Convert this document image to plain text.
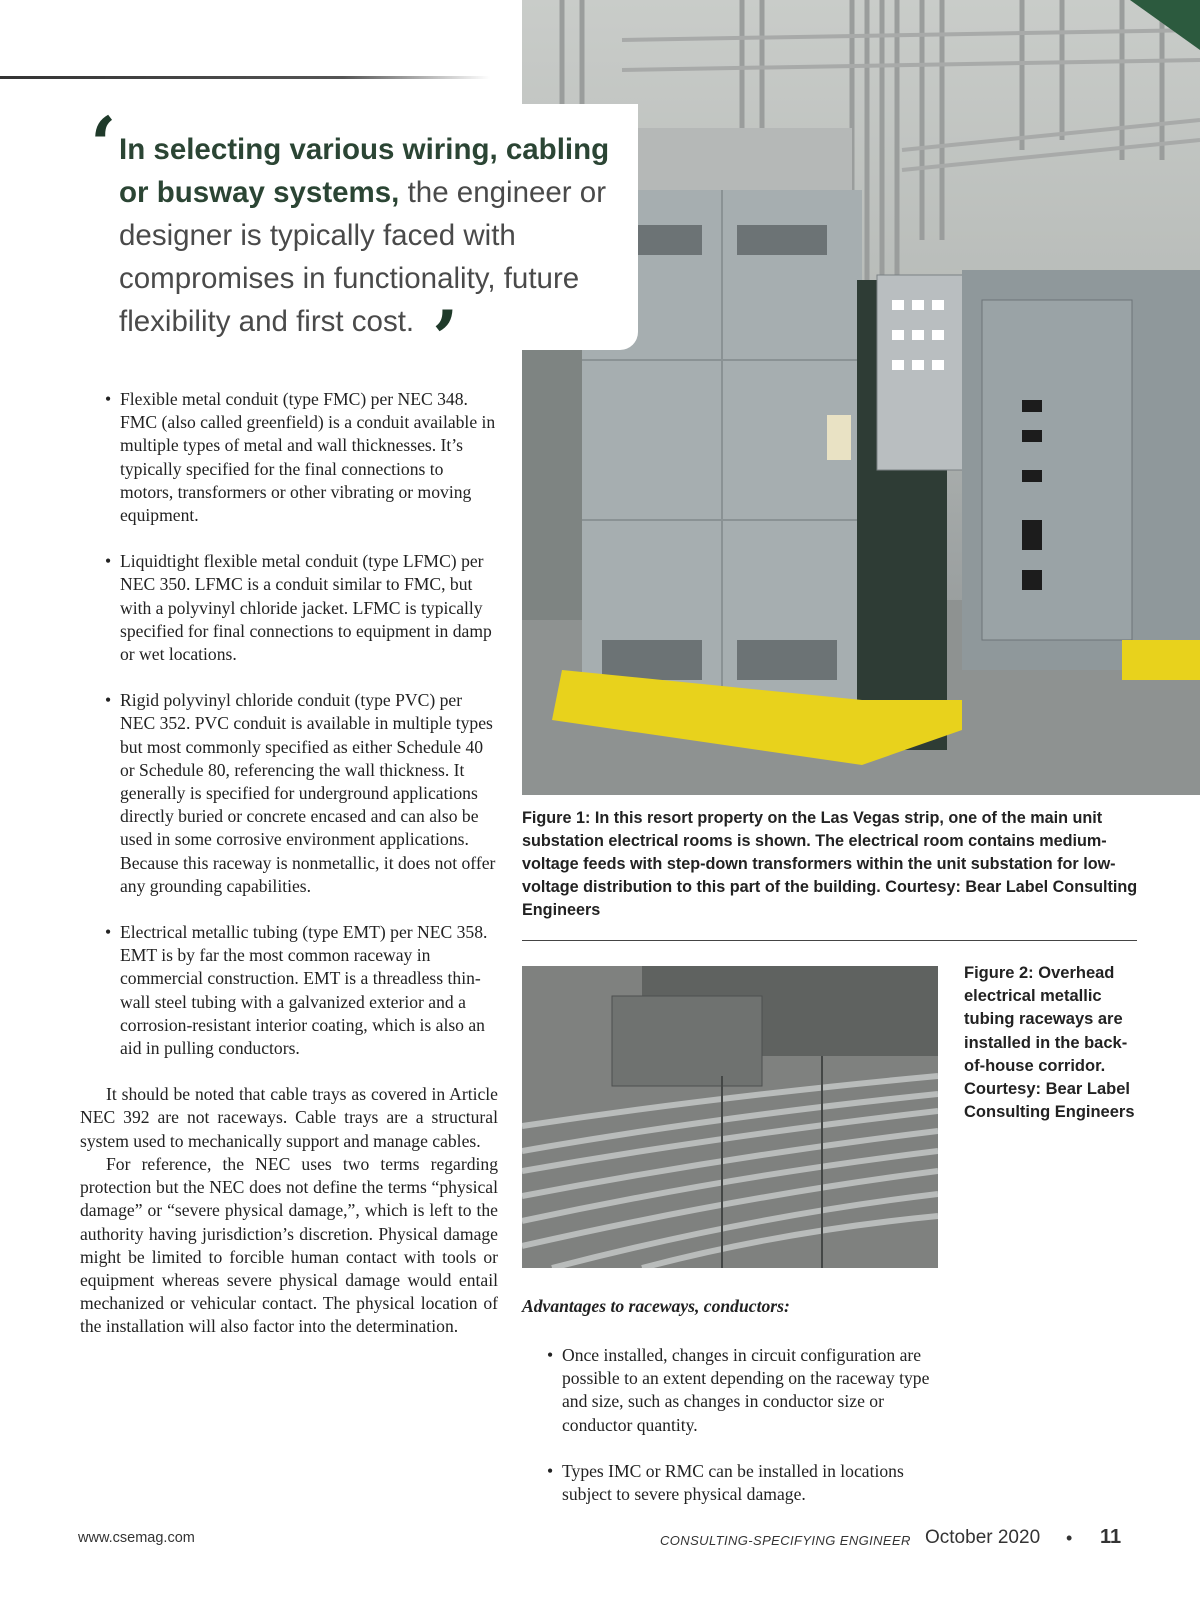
‘ In selecting various wiring, cabling or busway systems, the engineer or designer is typically faced with compromises in functionality, future flexibility and first cost. ’
• Flexible metal conduit (type FMC) per NEC 348. FMC (also called greenfield) is a conduit available in multiple types of metal and wall thicknesses. It’s typically specified for the final connections to motors, transformers or other vibrating or moving equipment.
• Liquidtight flexible metal conduit (type LFMC) per NEC 350. LFMC is a conduit similar to FMC, but with a polyvinyl chloride jacket. LFMC is typically specified for final connections to equipment in damp or wet locations.
• Rigid polyvinyl chloride conduit (type PVC) per NEC 352. PVC conduit is available in multiple types but most commonly specified as either Schedule 40 or Schedule 80, referencing the wall thickness. It generally is specified for underground applications directly buried or concrete encased and can also be used in some corrosive environment applications. Because this raceway is nonmetallic, it does not offer any grounding capabilities.
• Electrical metallic tubing (type EMT) per NEC 358. EMT is by far the most common raceway in commercial construction. EMT is a threadless thin-wall steel tubing with a galvanized exterior and a corrosion-resistant interior coating, which is also an aid in pulling conductors.

It should be noted that cable trays as covered in Article NEC 392 are not raceways. Cable trays are a structural system used to mechanically support and manage cables.

For reference, the NEC uses two terms regarding protection but the NEC does not define the terms “physical damage” or “severe physical damage,”, which is left to the authority having jurisdiction’s discretion. Physical damage might be limited to forcible human contact with tools or equipment whereas severe physical damage would entail mechanized or vehicular contact. The physical location of the installation will also factor into the determination.

Figure 1: In this resort property on the Las Vegas strip, one of the main unit substation electrical rooms is shown. The electrical room contains medium-voltage feeds with step-down transformers within the unit substation for low-voltage distribution to this part of the building. Courtesy: Bear Label Consulting Engineers
Figure 2: Overhead electrical metallic tubing raceways are installed in the back-of-house corridor. Courtesy: Bear Label Consulting Engineers
Advantages to raceways, conductors:
• Once installed, changes in circuit configuration are possible to an extent depending on the raceway type and size, such as changes in conductor size or conductor quantity.
• Types IMC or RMC can be installed in locations subject to severe physical damage.
www.csemag.com	CONSULTING-SPECIFYING ENGINEER October 2020 • 11
